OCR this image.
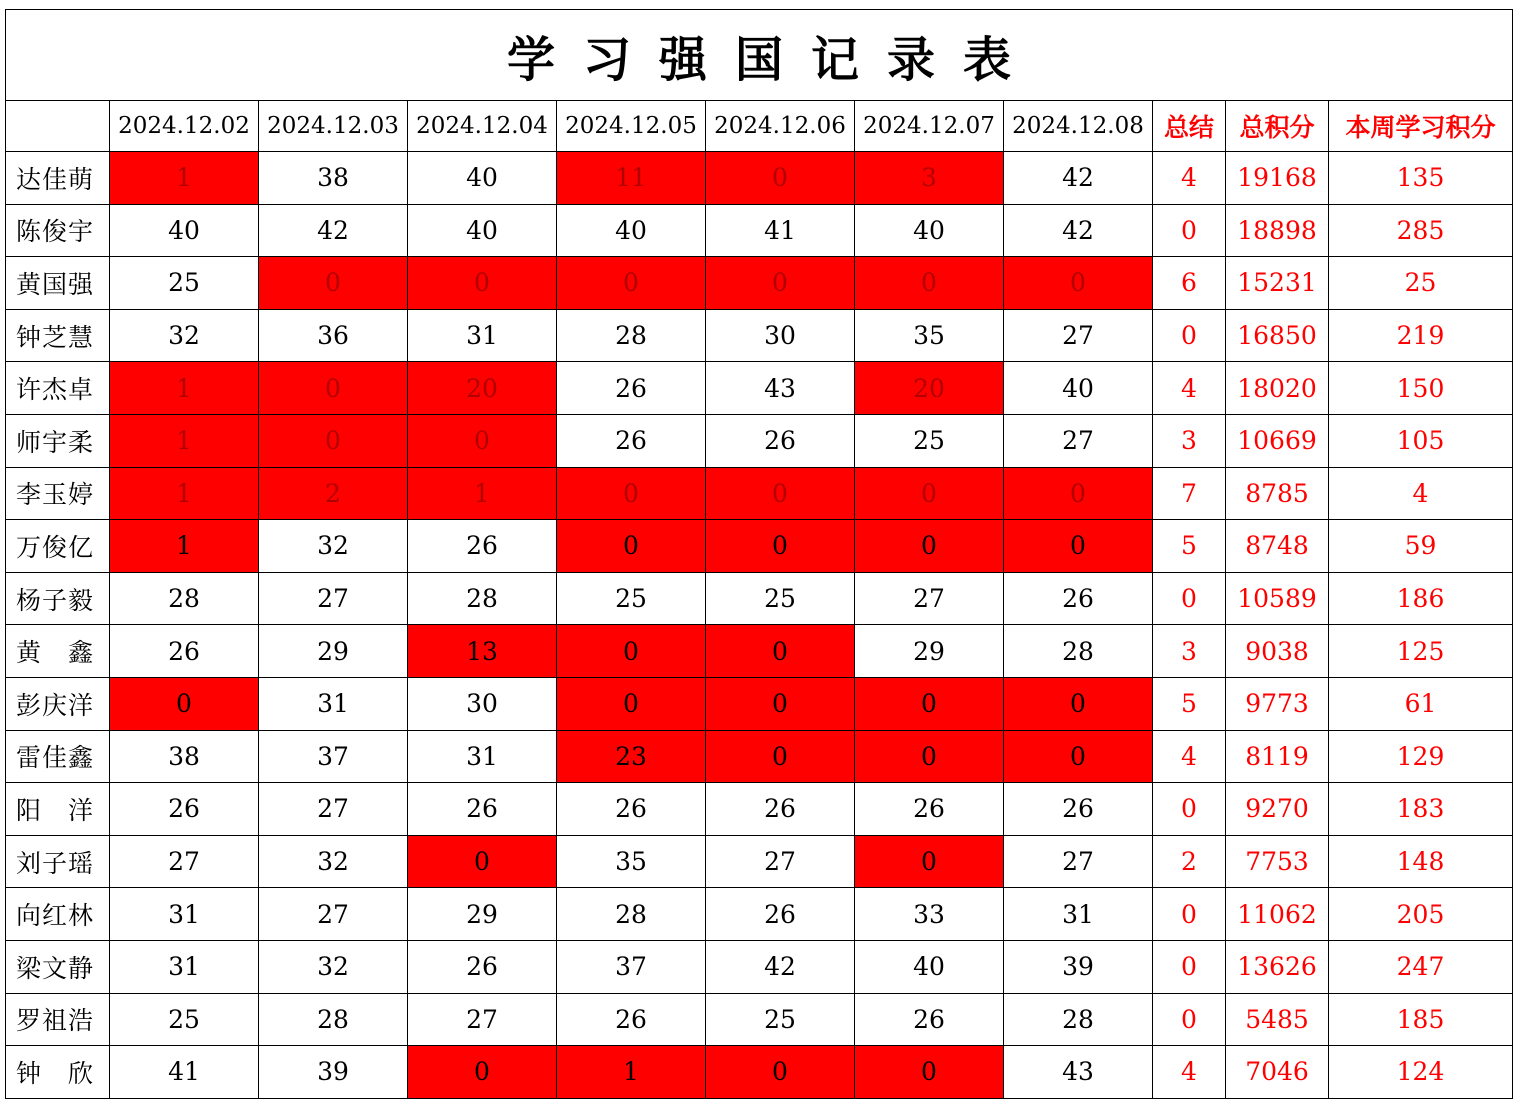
学习强国记录表										
	2024.12.02	2024.12.03	2024.12.04	2024.12.05	2024.12.06	2024.12.07	2024.12.08	总结	总积分	本周学习积分
达佳萌	1	38	40	11	0	3	42	4	19168	135
陈俊宇	40	42	40	40	41	40	42	0	18898	285
黄国强	25	0	0	0	0	0	0	6	15231	25
钟芝慧	32	36	31	28	30	35	27	0	16850	219
许杰卓	1	0	20	26	43	20	40	4	18020	150
师宇柔	1	0	0	26	26	25	27	3	10669	105
李玉婷	1	2	1	0	0	0	0	7	8785	4
万俊亿	1	32	26	0	0	0	0	5	8748	59
杨子毅	28	27	28	25	25	27	26	0	10589	186
黄　鑫	26	29	13	0	0	29	28	3	9038	125
彭庆洋	0	31	30	0	0	0	0	5	9773	61
雷佳鑫	38	37	31	23	0	0	0	4	8119	129
阳　洋	26	27	26	26	26	26	26	0	9270	183
刘子瑶	27	32	0	35	27	0	27	2	7753	148
向红林	31	27	29	28	26	33	31	0	11062	205
梁文静	31	32	26	37	42	40	39	0	13626	247
罗祖浩	25	28	27	26	25	26	28	0	5485	185
钟　欣	41	39	0	1	0	0	43	4	7046	124
